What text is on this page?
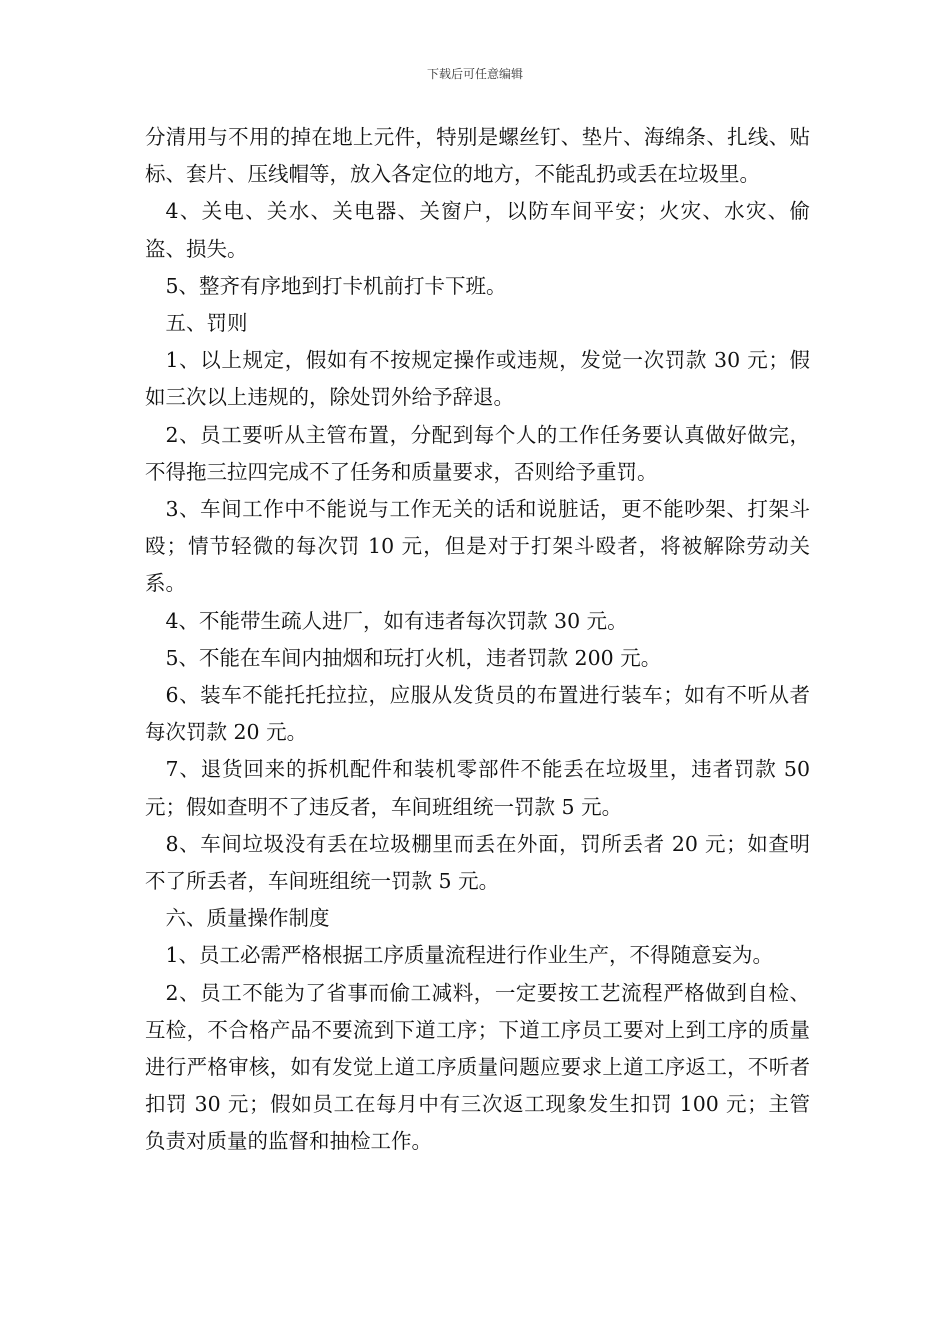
下载后可任意编辑

分清用与不用的掉在地上元件，特别是螺丝钉、垫片、海绵条、扎线、贴标、套片、压线帽等，放入各定位的地方，不能乱扔或丢在垃圾里。

4、关电、关水、关电器、关窗户，以防车间平安；火灾、水灾、偷盗、损失。

5、整齐有序地到打卡机前打卡下班。

五、罚则

1、以上规定，假如有不按规定操作或违规，发觉一次罚款 30 元；假如三次以上违规的，除处罚外给予辞退。

2、员工要听从主管布置，分配到每个人的工作任务要认真做好做完，不得拖三拉四完成不了任务和质量要求，否则给予重罚。

3、车间工作中不能说与工作无关的话和说脏话，更不能吵架、打架斗殴；情节轻微的每次罚 10 元，但是对于打架斗殴者，将被解除劳动关系。

4、不能带生疏人进厂，如有违者每次罚款 30 元。

5、不能在车间内抽烟和玩打火机，违者罚款 200 元。

6、装车不能托托拉拉，应服从发货员的布置进行装车；如有不听从者每次罚款 20 元。

7、退货回来的拆机配件和装机零部件不能丢在垃圾里，违者罚款 50 元；假如查明不了违反者，车间班组统一罚款 5 元。

8、车间垃圾没有丢在垃圾棚里而丢在外面，罚所丢者 20 元；如查明不了所丢者，车间班组统一罚款 5 元。

六、质量操作制度

1、员工必需严格根据工序质量流程进行作业生产，不得随意妄为。

2、员工不能为了省事而偷工减料，一定要按工艺流程严格做到自检、互检，不合格产品不要流到下道工序；下道工序员工要对上到工序的质量进行严格审核，如有发觉上道工序质量问题应要求上道工序返工，不听者扣罚 30 元；假如员工在每月中有三次返工现象发生扣罚 100 元；主管负责对质量的监督和抽检工作。
